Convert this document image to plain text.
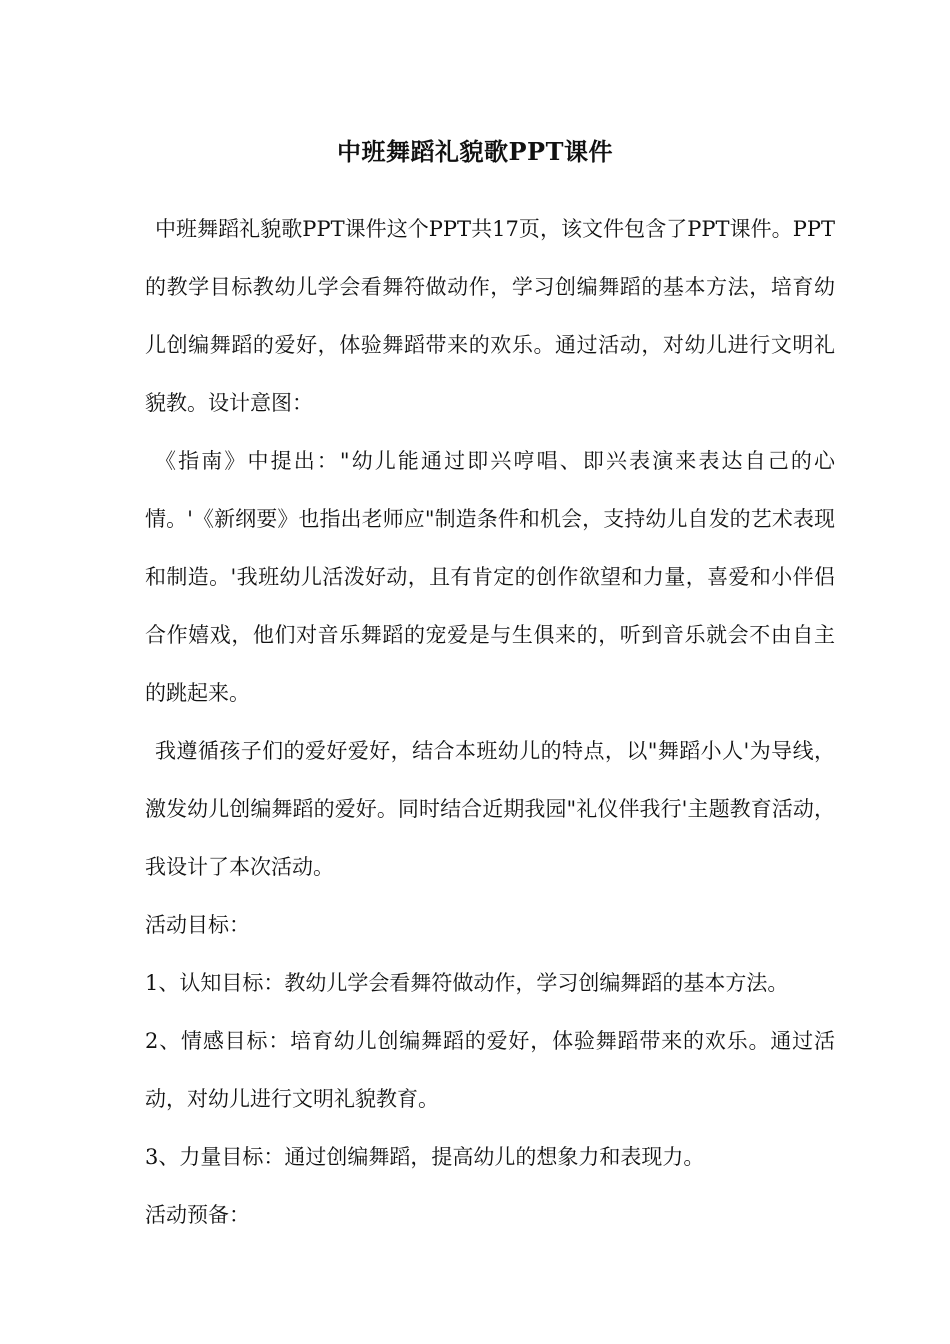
中班舞蹈礼貌歌PPT课件

中班舞蹈礼貌歌PPT课件这个PPT共17页，该文件包含了PPT课件。PPT的教学目标教幼儿学会看舞符做动作，学习创编舞蹈的基本方法，培育幼儿创编舞蹈的爱好，体验舞蹈带来的欢乐。通过活动，对幼儿进行文明礼貌教。设计意图：

《指南》中提出："幼儿能通过即兴哼唱、即兴表演来表达自己的心情。'《新纲要》也指出老师应"制造条件和机会，支持幼儿自发的艺术表现和制造。'我班幼儿活泼好动，且有肯定的创作欲望和力量，喜爱和小伴侣合作嬉戏，他们对音乐舞蹈的宠爱是与生俱来的，听到音乐就会不由自主的跳起来。

我遵循孩子们的爱好爱好，结合本班幼儿的特点，以"舞蹈小人'为导线，激发幼儿创编舞蹈的爱好。同时结合近期我园"礼仪伴我行'主题教育活动，我设计了本次活动。

活动目标：

1、认知目标：教幼儿学会看舞符做动作，学习创编舞蹈的基本方法。

2、情感目标：培育幼儿创编舞蹈的爱好，体验舞蹈带来的欢乐。通过活动，对幼儿进行文明礼貌教育。

3、力量目标：通过创编舞蹈，提高幼儿的想象力和表现力。

活动预备：
